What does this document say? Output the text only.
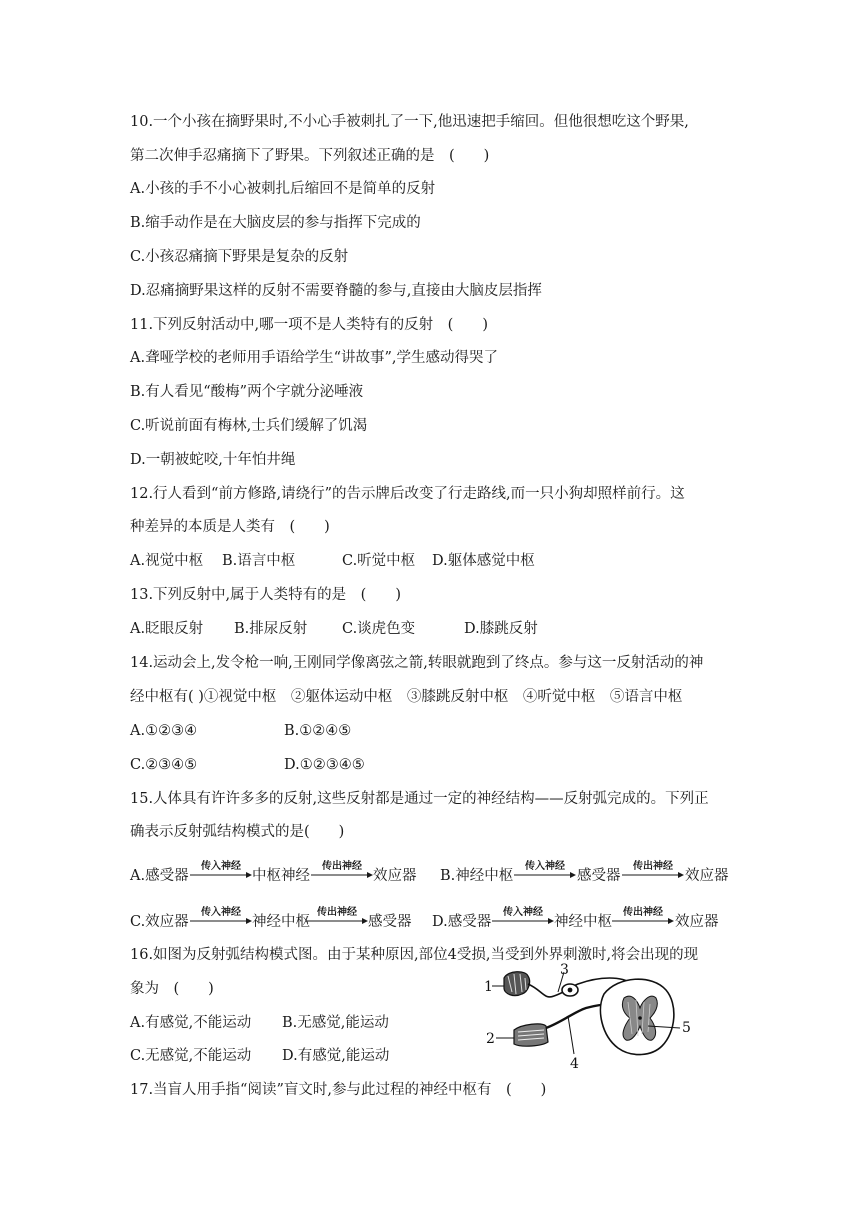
10.一个小孩在摘野果时,不小心手被刺扎了一下,他迅速把手缩回。但他很想吃这个野果,
第二次伸手忍痛摘下了野果。下列叙述正确的是　(　　)
A.小孩的手不小心被刺扎后缩回不是简单的反射
B.缩手动作是在大脑皮层的参与指挥下完成的
C.小孩忍痛摘下野果是复杂的反射
D.忍痛摘野果这样的反射不需要脊髓的参与,直接由大脑皮层指挥
11.下列反射活动中,哪一项不是人类特有的反射　(　　)
A.聋哑学校的老师用手语给学生“讲故事”,学生感动得哭了
B.有人看见“酸梅”两个字就分泌唾液
C.听说前面有梅林,士兵们缓解了饥渴
D.一朝被蛇咬,十年怕井绳
12.行人看到“前方修路,请绕行”的告示牌后改变了行走路线,而一只小狗却照样前行。这
种差异的本质是人类有　(　　)
A.视觉中枢 B.语言中枢	C.听觉中枢 D.躯体感觉中枢
13.下列反射中,属于人类特有的是　(　　)
A.眨眼反射 B.排尿反射 C.谈虎色变	D.膝跳反射
14.运动会上,发令枪一响,王刚同学像离弦之箭,转眼就跑到了终点。参与这一反射活动的神
经中枢有( )①视觉中枢　②躯体运动中枢　③膝跳反射中枢　④听觉中枢　⑤语言中枢
A.①②③④	B.①②④⑤
C.②③④⑤	D.①②③④⑤
15.人体具有许许多多的反射,这些反射都是通过一定的神经结构——反射弧完成的。下列正
确表示反射弧结构模式的是(　　)
A.感受器
传入神经
中枢神经
传出神经
效应器 B.神经中枢
传入神经
感受器
传出神经
效应器
C.效应器
传入神经
神经中枢
传出神经
感受器 D.感受器
传入神经
神经中枢
传出神经
效应器
16.如图为反射弧结构模式图。由于某种原因,部位4受损,当受到外界刺激时,将会出现的现
象为　(　　)
A.有感觉,不能运动 B.无感觉,能运动
C.无感觉,不能运动 D.有感觉,能运动
1
2
3
4
5
17.当盲人用手指“阅读”盲文时,参与此过程的神经中枢有　(　　)
